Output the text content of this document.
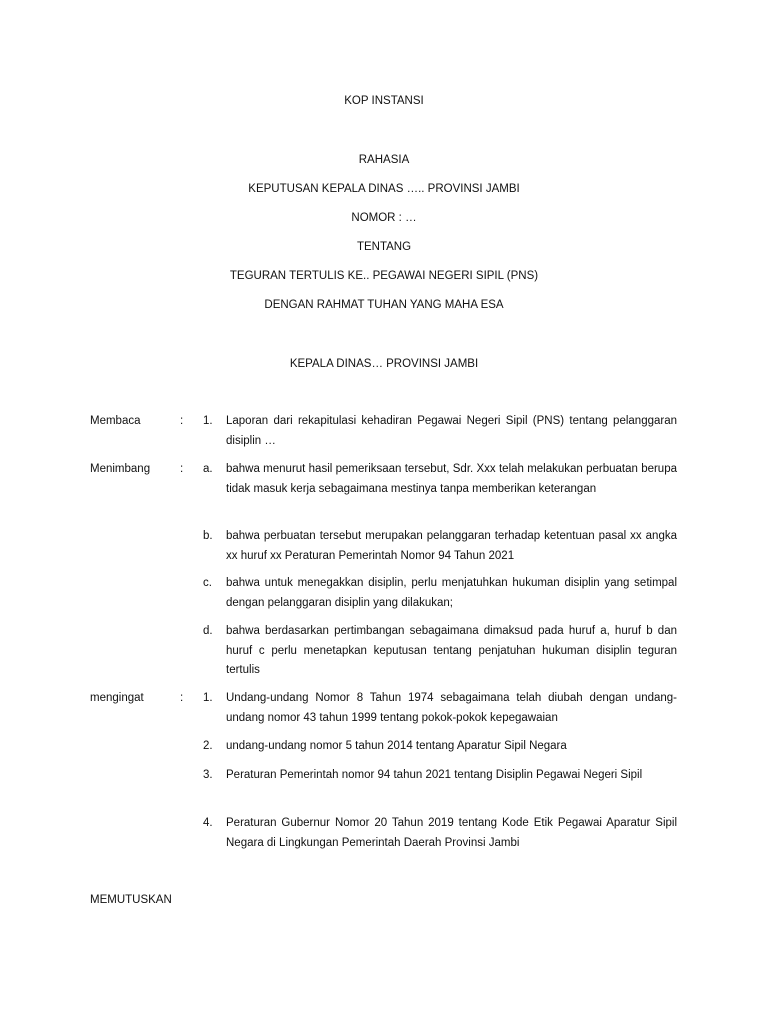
KOP INSTANSI
RAHASIA
KEPUTUSAN KEPALA DINAS ….. PROVINSI JAMBI
NOMOR : …
TENTANG
TEGURAN TERTULIS KE.. PEGAWAI NEGERI SIPIL (PNS)
DENGAN RAHMAT TUHAN YANG MAHA ESA
KEPALA DINAS… PROVINSI JAMBI
Membaca	: 1. Laporan dari rekapitulasi kehadiran Pegawai Negeri Sipil (PNS) tentang pelanggaran disiplin …
Menimbang	: a. bahwa menurut hasil pemeriksaan tersebut, Sdr. Xxx telah melakukan perbuatan berupa tidak masuk kerja sebagaimana mestinya tanpa memberikan keterangan
b. bahwa perbuatan tersebut merupakan pelanggaran terhadap ketentuan pasal xx angka xx huruf xx Peraturan Pemerintah Nomor 94 Tahun 2021
c. bahwa untuk menegakkan disiplin, perlu menjatuhkan hukuman disiplin yang setimpal dengan pelanggaran disiplin yang dilakukan;
d. bahwa berdasarkan pertimbangan sebagaimana dimaksud pada huruf a, huruf b dan huruf c perlu menetapkan keputusan tentang penjatuhan hukuman disiplin teguran tertulis
mengingat	: 1. Undang-undang Nomor 8 Tahun 1974 sebagaimana telah diubah dengan undang-undang nomor 43 tahun 1999 tentang pokok-pokok kepegawaian
2. undang-undang nomor 5 tahun 2014 tentang Aparatur Sipil Negara
3. Peraturan Pemerintah nomor 94 tahun 2021 tentang Disiplin Pegawai Negeri Sipil
4. Peraturan Gubernur Nomor 20 Tahun 2019 tentang Kode Etik Pegawai Aparatur Sipil Negara di Lingkungan Pemerintah Daerah Provinsi Jambi
MEMUTUSKAN
